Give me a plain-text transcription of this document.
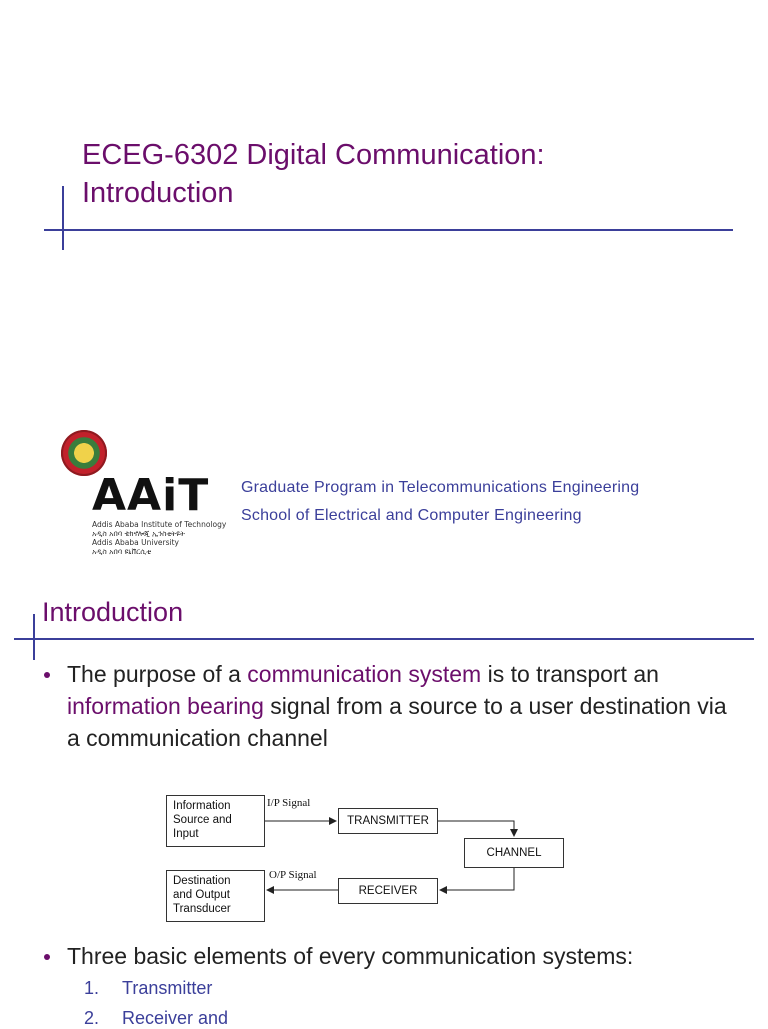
ECEG-6302 Digital Communication:
Introduction
AAiT
Addis Ababa Institute of Technology
አዲስ አበባ ቴክኖሎጂ ኢንስቲትዩት
Addis Ababa University
አዲስ አበባ ዩኒቨርሲቲ
Graduate Program in Telecommunications Engineering
School of Electrical and Computer Engineering
Introduction
The purpose of a communication system is to transport an information bearing signal from a source to a user destination via a communication channel
Information
Source and
Input
TRANSMITTER
CHANNEL
RECEIVER
Destination
and Output
Transducer
I/P Signal
O/P Signal
Three basic elements of every communication systems:
1. Transmitter
2. Receiver and
